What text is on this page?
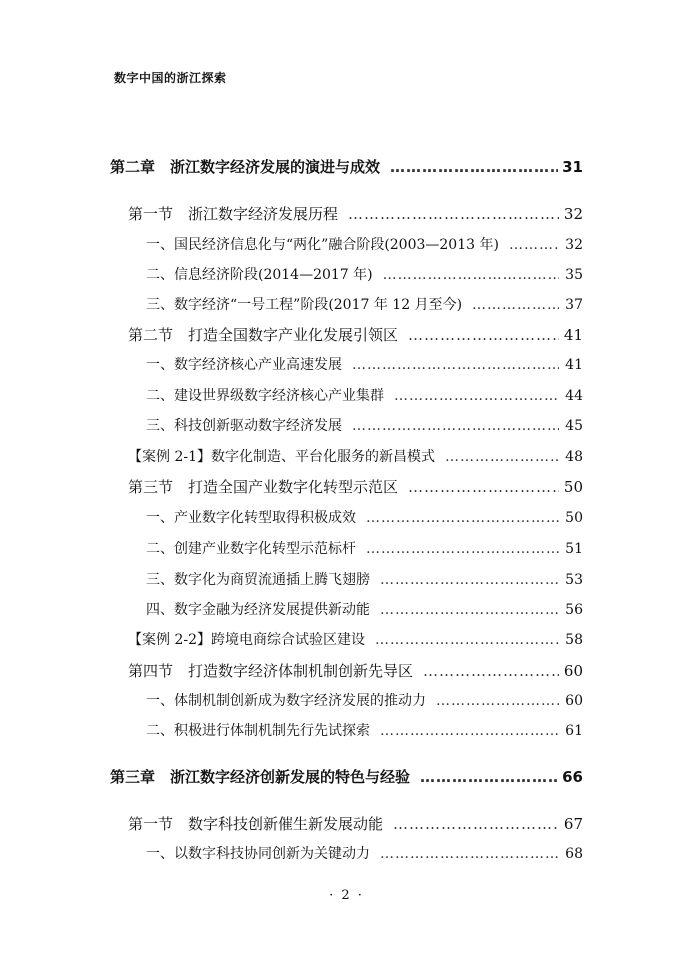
数字中国的浙江探索
第二章　浙江数字经济发展的演进与成效 …………………………………………………………………………………………………………	31
第一节　浙江数字经济发展历程 …………………………………………………………………………………………………………	32
一、国民经济信息化与“两化”融合阶段(2003—2013 年) …………………………………………………………………………………………………………	32
二、信息经济阶段(2014—2017 年) …………………………………………………………………………………………………………	35
三、数字经济“一号工程”阶段(2017 年 12 月至今) …………………………………………………………………………………………………………	37
第二节　打造全国数字产业化发展引领区 …………………………………………………………………………………………………………	41
一、数字经济核心产业高速发展 …………………………………………………………………………………………………………	41
二、建设世界级数字经济核心产业集群 …………………………………………………………………………………………………………	44
三、科技创新驱动数字经济发展 …………………………………………………………………………………………………………	45
【案例 2-1】数字化制造、平台化服务的新昌模式 …………………………………………………………………………………………………………	48
第三节　打造全国产业数字化转型示范区 …………………………………………………………………………………………………………	50
一、产业数字化转型取得积极成效 …………………………………………………………………………………………………………	50
二、创建产业数字化转型示范标杆 …………………………………………………………………………………………………………	51
三、数字化为商贸流通插上腾飞翅膀 …………………………………………………………………………………………………………	53
四、数字金融为经济发展提供新动能 …………………………………………………………………………………………………………	56
【案例 2-2】跨境电商综合试验区建设 …………………………………………………………………………………………………………	58
第四节　打造数字经济体制机制创新先导区 …………………………………………………………………………………………………………	60
一、体制机制创新成为数字经济发展的推动力 …………………………………………………………………………………………………………	60
二、积极进行体制机制先行先试探索 …………………………………………………………………………………………………………	61
第三章　浙江数字经济创新发展的特色与经验 …………………………………………………………………………………………………………	66
第一节　数字科技创新催生新发展动能 …………………………………………………………………………………………………………	67
一、以数字科技协同创新为关键动力 …………………………………………………………………………………………………………	68
· 2 ·
